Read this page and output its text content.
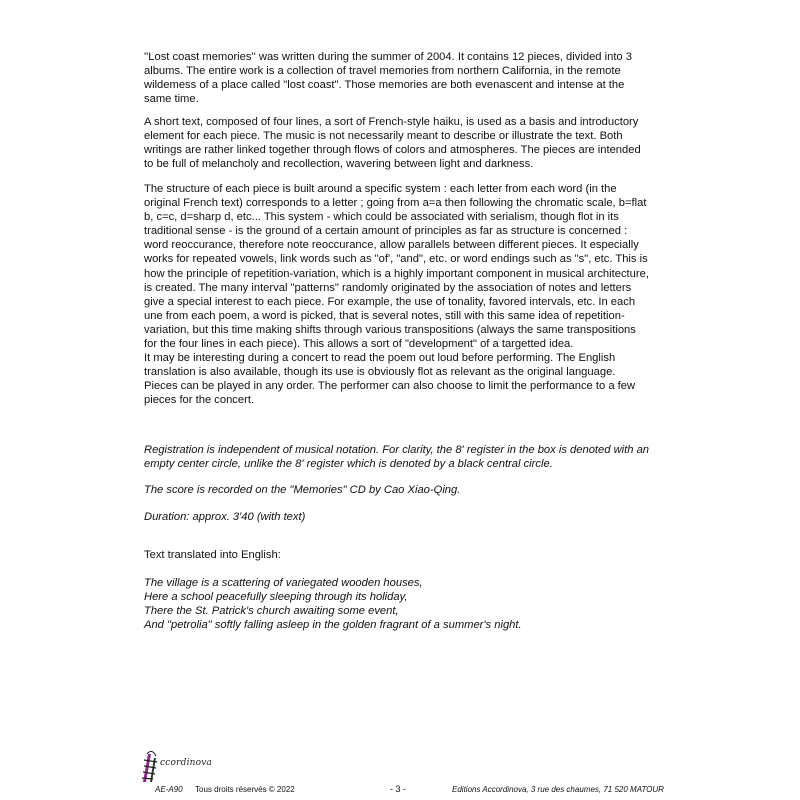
''Lost coast memories'' was written during the summer of 2004. It contains 12 pieces, divided into 3 albums. The entire work is a collection of travel memories from northern California, in the remote wildemess of a place called "lost coast". Those memories are both evenascent and intense at the same time.

A short text, composed of four lines, a sort of French-style haiku, is used as a basis and introductory element for each piece. The music is not necessarily meant to describe or illustrate the text. Both writings are rather linked together through flows of colors and atmospheres. The pieces are intended to be full of melancholy and recollection, wavering between light and darkness.

The structure of each piece is built around a specific system : each letter from each word (in the original French text) corresponds to a letter ; going from a=a then following the chromatic scale, b=flat b, c=c, d=sharp d, etc... This system - which could be associated with serialism, though flot in its traditional sense - is the ground of a certain amount of principles as far as structure is concerned : word reoccurance, therefore note reoccurance, allow parallels between different pieces. It especially works for repeated vowels, link words such as "of', "and", etc. or word endings such as "s", etc. This is how the principle of repetition-variation, which is a highly important component in musical architecture, is created. The many interval "patterns" randomly originated by the association of notes and letters give a special interest to each piece. For example, the use of tonality, favored intervals, etc. In each une from each poem, a word is picked, that is several notes, still with this same idea of repetition-variation, but this time making shifts through various transpositions (always the same transpositions for the four lines in each piece). This allows a sort of "development" of a targetted idea.

It may be interesting during a concert to read the poem out loud before performing. The English translation is also available, though its use is obviously flot as relevant as the original language. Pieces can be played in any order. The performer can also choose to limit the performance to a few pieces for the concert.

Registration is independent of musical notation. For clarity, the 8' register in the box is denoted with an empty center circle, unlike the 8' register which is denoted by a black central circle.

The score is recorded on the "Memories" CD by Cao Xiao-Qing.

Duration: approx. 3'40 (with text)

Text translated into English:

The village is a scattering of variegated wooden houses,
Here a school peacefully sleeping through its holiday,
There the St. Patrick's church awaiting some event,
And "petrolia" softly falling asleep in the golden fragrant of a summer's night.
ccordinova
AE-A90 Tous droits réservés © 2022	- 3 -	Editions Accordinova, 3 rue des chaumes, 71 520 MATOUR
